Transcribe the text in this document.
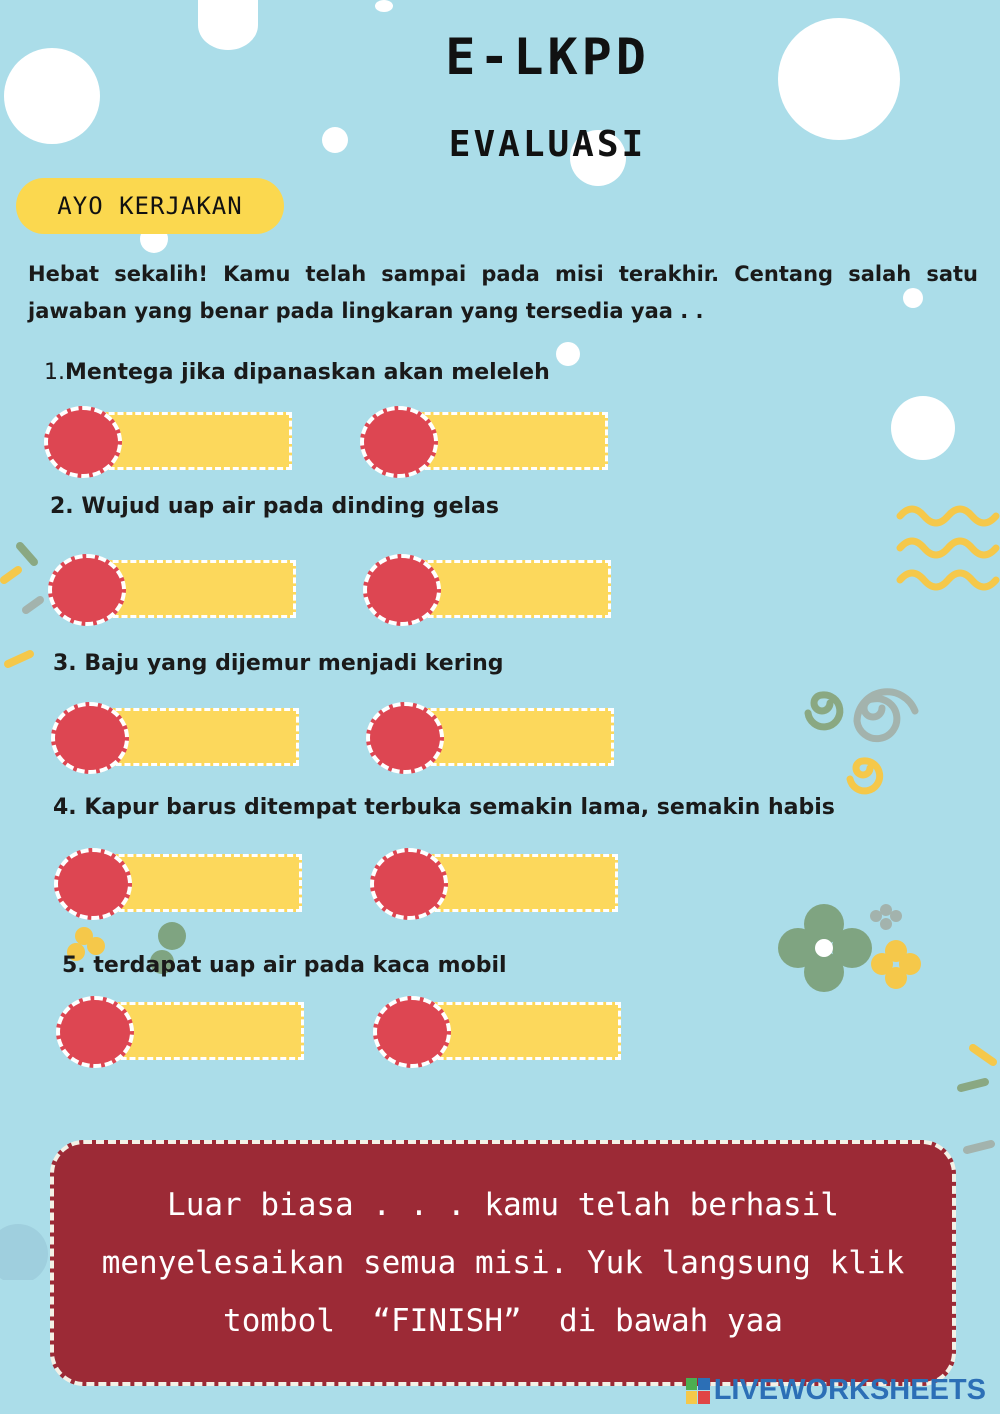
E-LKPD
EVALUASI
AYO KERJAKAN
Hebat sekalih! Kamu telah sampai pada misi terakhir. Centang salah satu jawaban yang benar pada lingkaran yang tersedia yaa . .
1.Mentega jika dipanaskan akan meleleh
2. Wujud uap air pada dinding gelas
3. Baju yang dijemur menjadi kering
4. Kapur barus ditempat terbuka semakin lama, semakin habis
5. terdapat uap air pada kaca mobil
Luar biasa . . . kamu telah berhasil
menyelesaikan semua misi. Yuk langsung klik
tombol  “FINISH”  di bawah yaa
LIVEWORKSHEETS
